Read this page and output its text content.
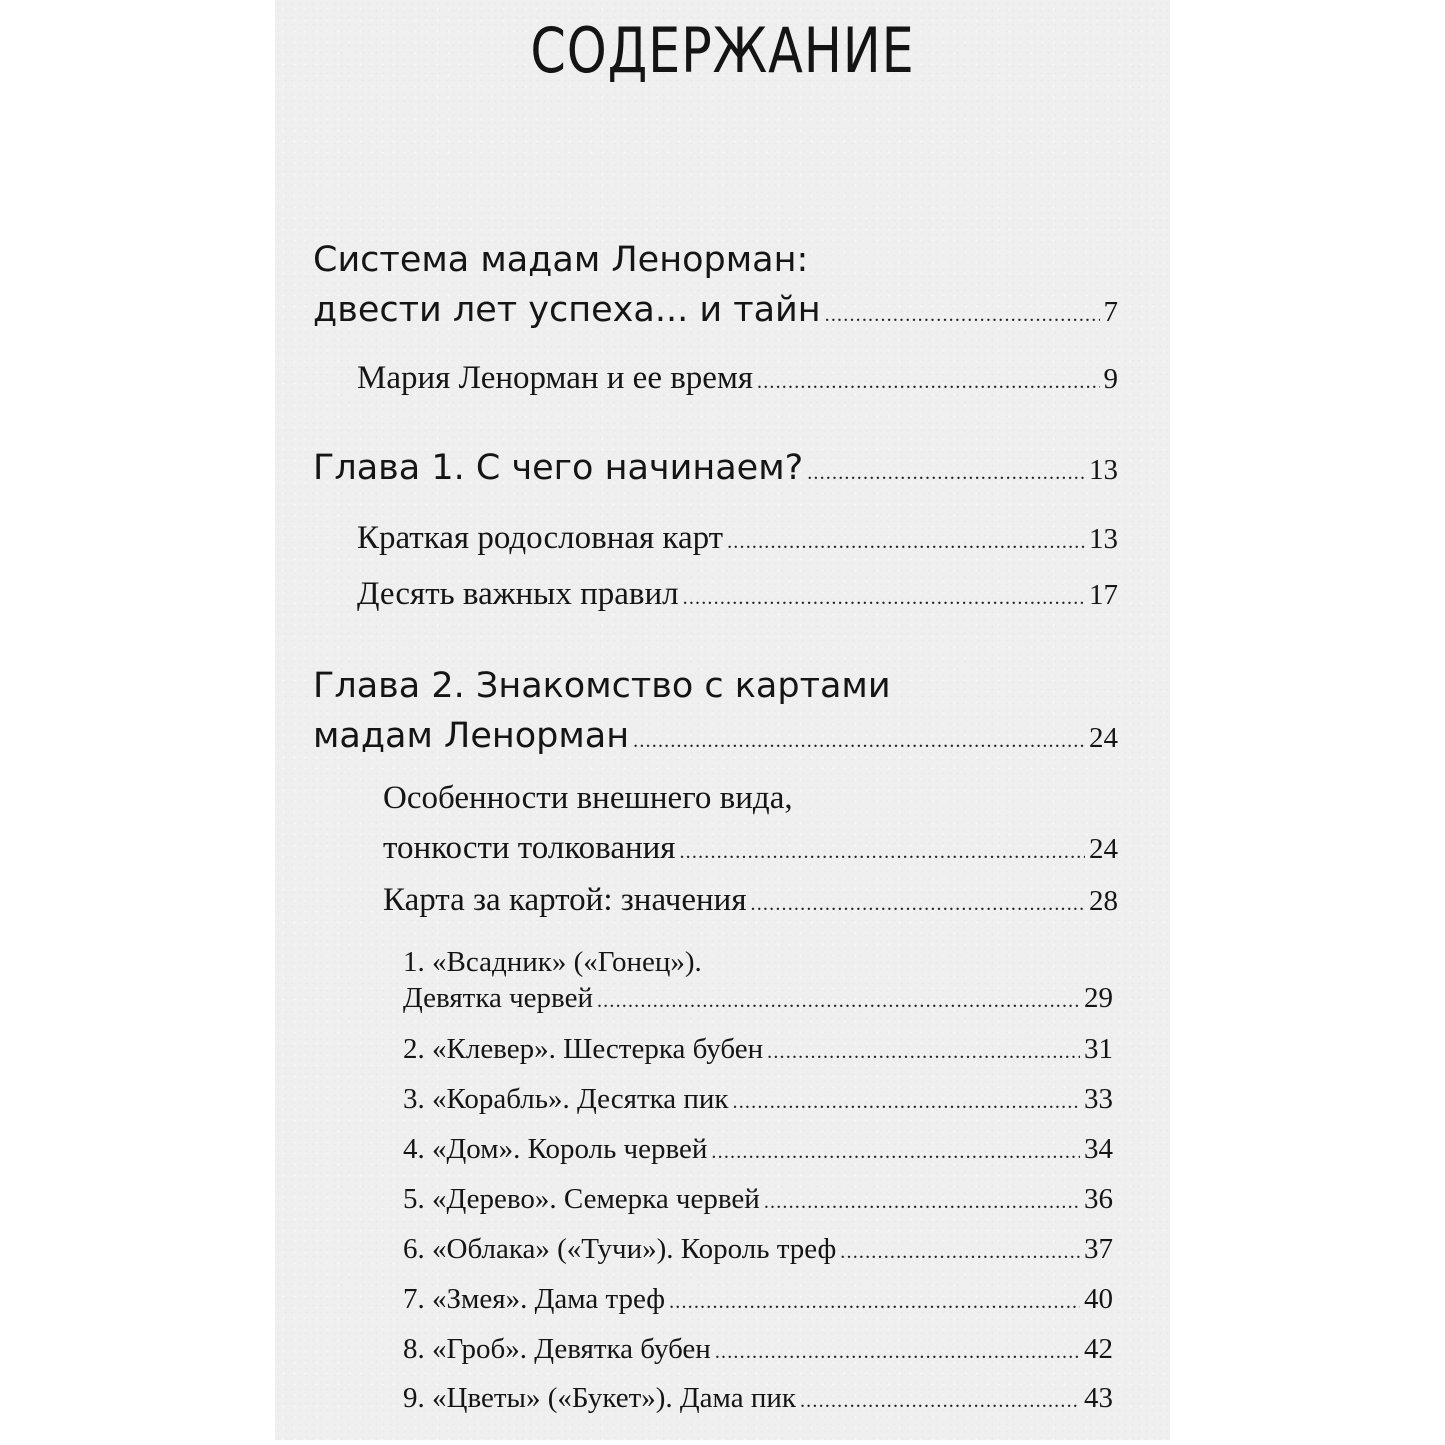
СОДЕРЖАНИЕ
Система мадам Ленорман:
двести лет успеха... и тайн .....	7
Мария Ленорман и ее время .....	9
Глава 1. С чего начинаем? .....	13
Краткая родословная карт .....	13
Десять важных правил .....	17
Глава 2. Знакомство с картами
мадам Ленорман .....	24
Особенности внешнего вида,
тонкости толкования .....	24
Карта за картой: значения .....	28
1. «Всадник» («Гонец»).
Девятка червей .....	29
2. «Клевер». Шестерка бубен .....	31
3. «Корабль». Десятка пик .....	33
4. «Дом». Король червей .....	34
5. «Дерево». Семерка червей .....	36
6. «Облака» («Тучи»). Король треф .....	37
7. «Змея». Дама треф .....	40
8. «Гроб». Девятка бубен .....	42
9. «Цветы» («Букет»). Дама пик .....	43
